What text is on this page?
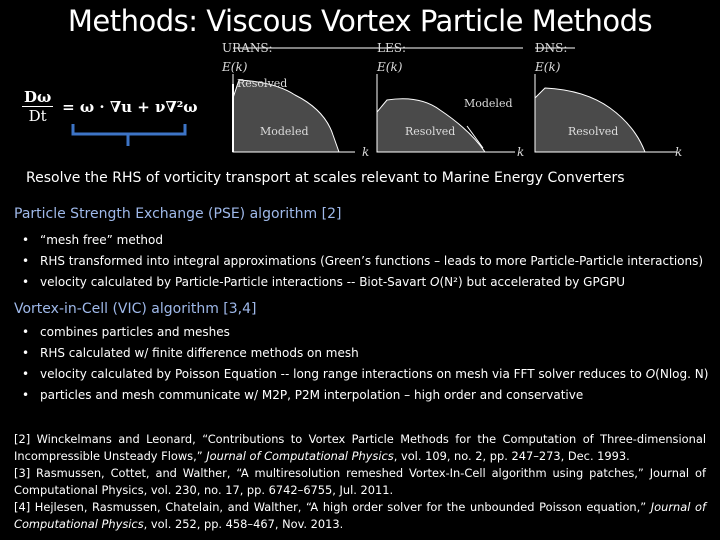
Methods: Viscous Vortex Particle Methods
$\frac{D\omega}{Dt} = \omega \cdot \nabla u + \nu\nabla^2\omega$
URANS:
E(k)
Resolved
Modeled
k
LES:
E(k)
Modeled
Resolved
k
DNS:
E(k)
Resolved
k
Resolve the RHS of vorticity transport at scales relevant to Marine Energy Converters
Particle Strength Exchange (PSE) algorithm [2]
• “mesh free” method
• RHS transformed into integral approximations (Green’s functions – leads to more Particle-Particle interactions)
• velocity calculated by Particle-Particle interactions -- Biot-Savart O(N²) but accelerated by GPGPU
Vortex-in-Cell (VIC) algorithm [3,4]
• combines particles and meshes
• RHS calculated w/ finite difference methods on mesh
• velocity calculated by Poisson Equation -- long range interactions on mesh via FFT solver reduces to O(Nlog. N)
• particles and mesh communicate w/ M2P, P2M interpolation – high order and conservative

[2] Winckelmans and Leonard, “Contributions to Vortex Particle Methods for the Computation of Three-dimensional Incompressible Unsteady Flows,” Journal of Computational Physics, vol. 109, no. 2, pp. 247–273, Dec. 1993.

[3] Rasmussen, Cottet, and Walther, “A multiresolution remeshed Vortex-In-Cell algorithm using patches,” Journal of Computational Physics, vol. 230, no. 17, pp. 6742–6755, Jul. 2011.

[4] Hejlesen, Rasmussen, Chatelain, and Walther, “A high order solver for the unbounded Poisson equation,” Journal of Computational Physics, vol. 252, pp. 458–467, Nov. 2013.
